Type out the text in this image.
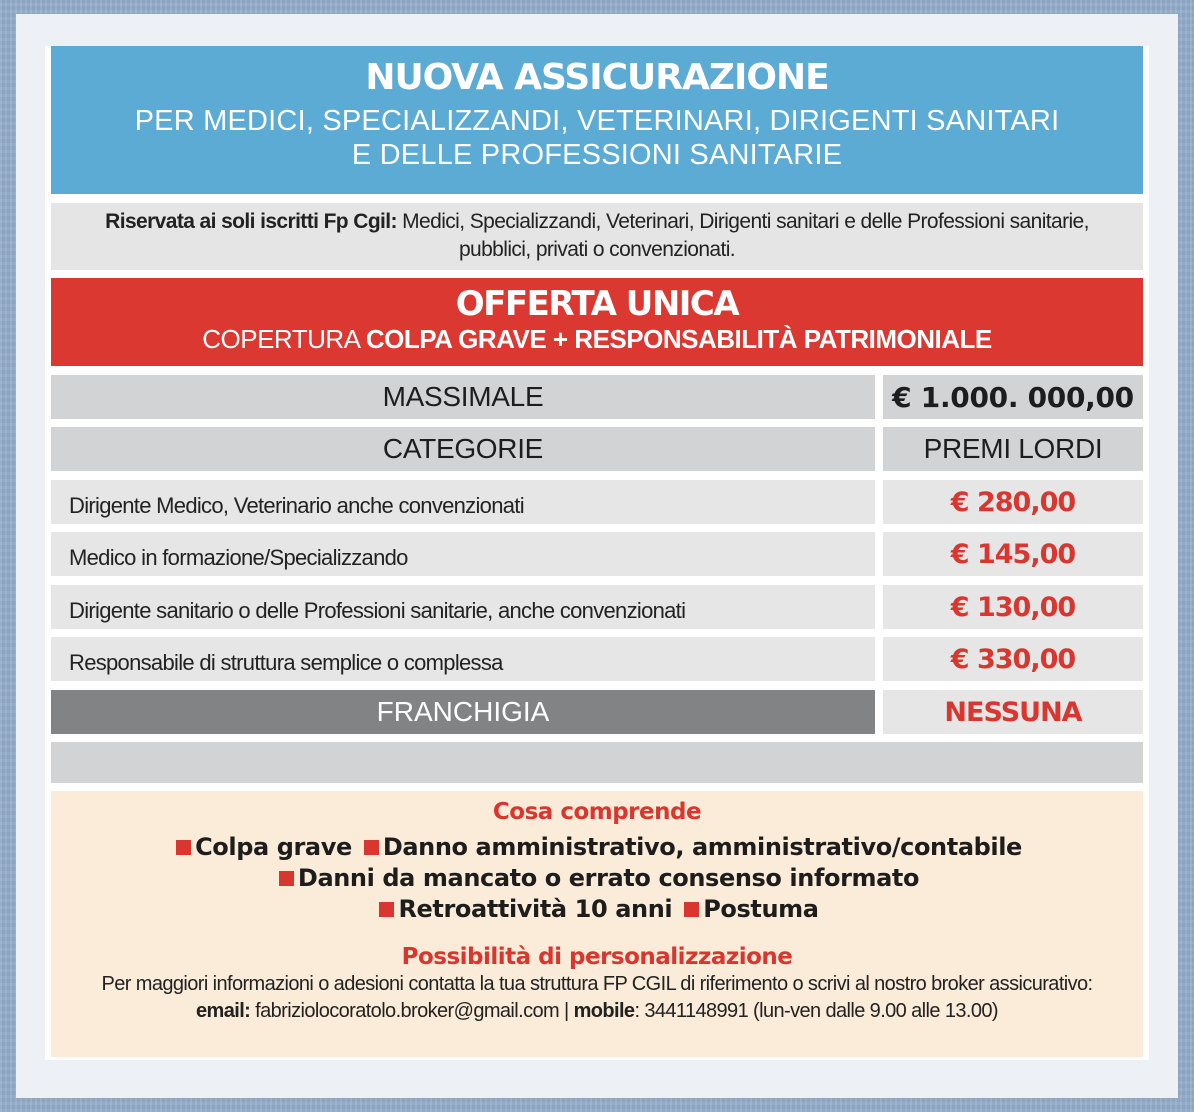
NUOVA ASSICURAZIONE
PER MEDICI, SPECIALIZZANDI, VETERINARI, DIRIGENTI SANITARI
E DELLE PROFESSIONI SANITARIE
Riservata ai soli iscritti Fp Cgil: Medici, Specializzandi, Veterinari, Dirigenti sanitari e delle Professioni sanitarie,
pubblici, privati o convenzionati.
OFFERTA UNICA
COPERTURA COLPA GRAVE + RESPONSABILITÀ PATRIMONIALE
MASSIMALE	€ 1.000. 000,00
CATEGORIE	PREMI LORDI
Dirigente Medico, Veterinario anche convenzionati	€ 280,00
Medico in formazione/Specializzando	€ 145,00
Dirigente sanitario o delle Professioni sanitarie, anche convenzionati	€ 130,00
Responsabile di struttura semplice o complessa	€ 330,00
FRANCHIGIA	NESSUNA
Cosa comprende
Colpa grave Danno amministrativo, amministrativo/contabile
Danni da mancato o errato consenso informato
Retroattività 10 anni Postuma
Possibilità di personalizzazione
Per maggiori informazioni o adesioni contatta la tua struttura FP CGIL di riferimento o scrivi al nostro broker assicurativo:
email: fabriziolocoratolo.broker@gmail.com | mobile: 3441148991 (lun-ven dalle 9.00 alle 13.00)
